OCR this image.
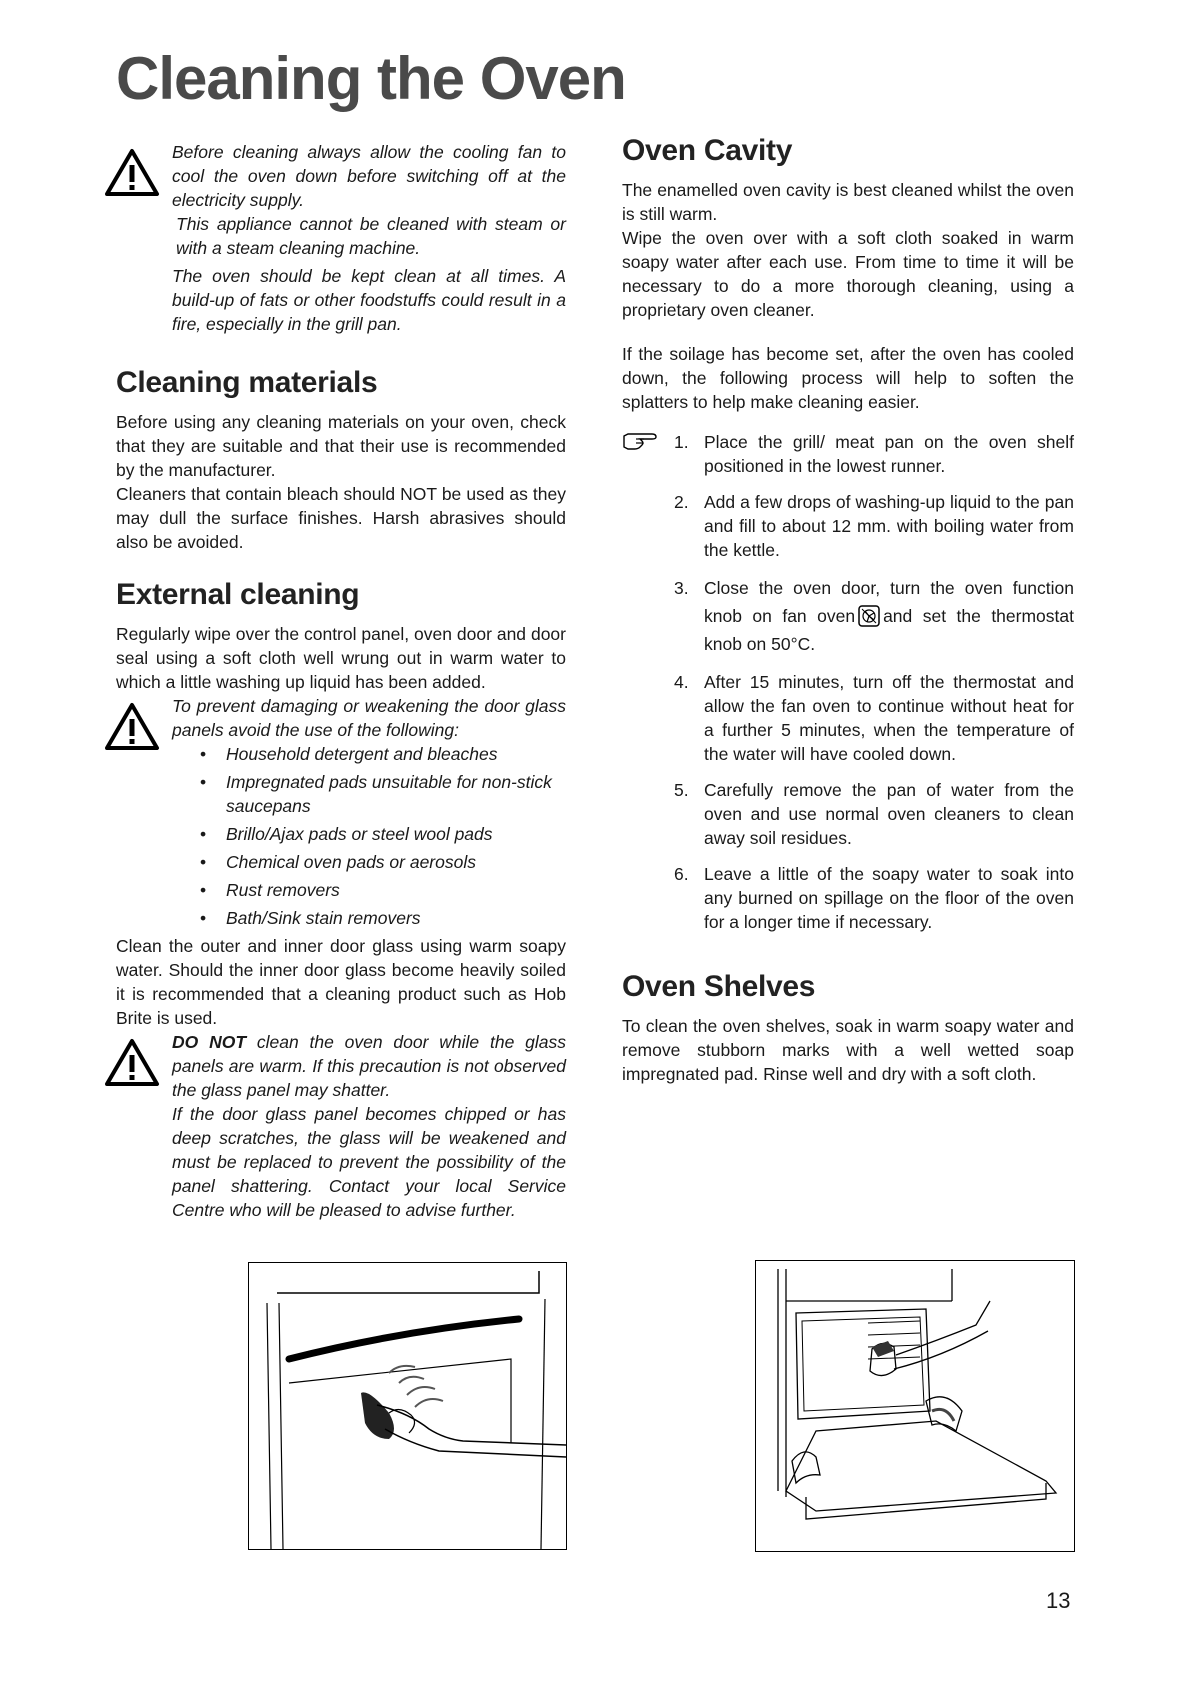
Cleaning the Oven

Before cleaning always allow the cooling fan to cool the oven down before switching off at the electricity supply.

This appliance cannot be cleaned with steam or with a steam cleaning machine.

The oven should be kept clean at all times. A build-up of fats or other foodstuffs could result in a fire, especially in the grill pan.

Cleaning materials

Before using any cleaning materials on your oven, check that they are suitable and that their use is recommended by the manufacturer.

Cleaners that contain bleach should NOT be used as they may dull the surface finishes. Harsh abrasives should also be avoided.

External cleaning

Regularly wipe over the control panel, oven door and door seal using a soft cloth well wrung out in warm water to which a little washing up liquid has been added.

To prevent damaging or weakening the door glass panels avoid the use of the following:

• Household detergent and bleaches
• Impregnated pads unsuitable for non-stick saucepans
• Brillo/Ajax pads or steel wool pads
• Chemical oven pads or aerosols
• Rust removers
• Bath/Sink stain removers

Clean the outer and inner door glass using warm soapy water. Should the inner door glass become heavily soiled it is recommended that a cleaning product such as Hob Brite is used.

DO NOT clean the oven door while the glass panels are warm. If this precaution is not observed the glass panel may shatter.

If the door glass panel becomes chipped or has deep scratches, the glass will be weakened and must be replaced to prevent the possibility of the panel shattering. Contact your local Service Centre who will be pleased to advise further.

Oven Cavity

The enamelled oven cavity is best cleaned whilst the oven is still warm.

Wipe the oven over with a soft cloth soaked in warm soapy water after each use. From time to time it will be necessary to do a more thorough cleaning, using a proprietary oven cleaner.

If the soilage has become set, after the oven has cooled down, the following process will help to soften the splatters to help make cleaning easier.

1. Place the grill/ meat pan on the oven shelf positioned in the lowest runner.
2. Add a few drops of washing-up liquid to the pan and fill to about 12 mm. with boiling water from the kettle.
3. Close the oven door, turn the oven function knob on fan oven and set the thermostat knob on 50°C.
4. After 15 minutes, turn off the thermostat and allow the fan oven to continue without heat for a further 5 minutes, when the temperature of the water will have cooled down.
5. Carefully remove the pan of water from the oven and use normal oven cleaners to clean away soil residues.
6. Leave a little of the soapy water to soak into any burned on spillage on the floor of the oven for a longer time if necessary.
Oven Shelves

To clean the oven shelves, soak in warm soapy water and remove stubborn marks with a well wetted soap impregnated pad. Rinse well and dry with a soft cloth.

13
